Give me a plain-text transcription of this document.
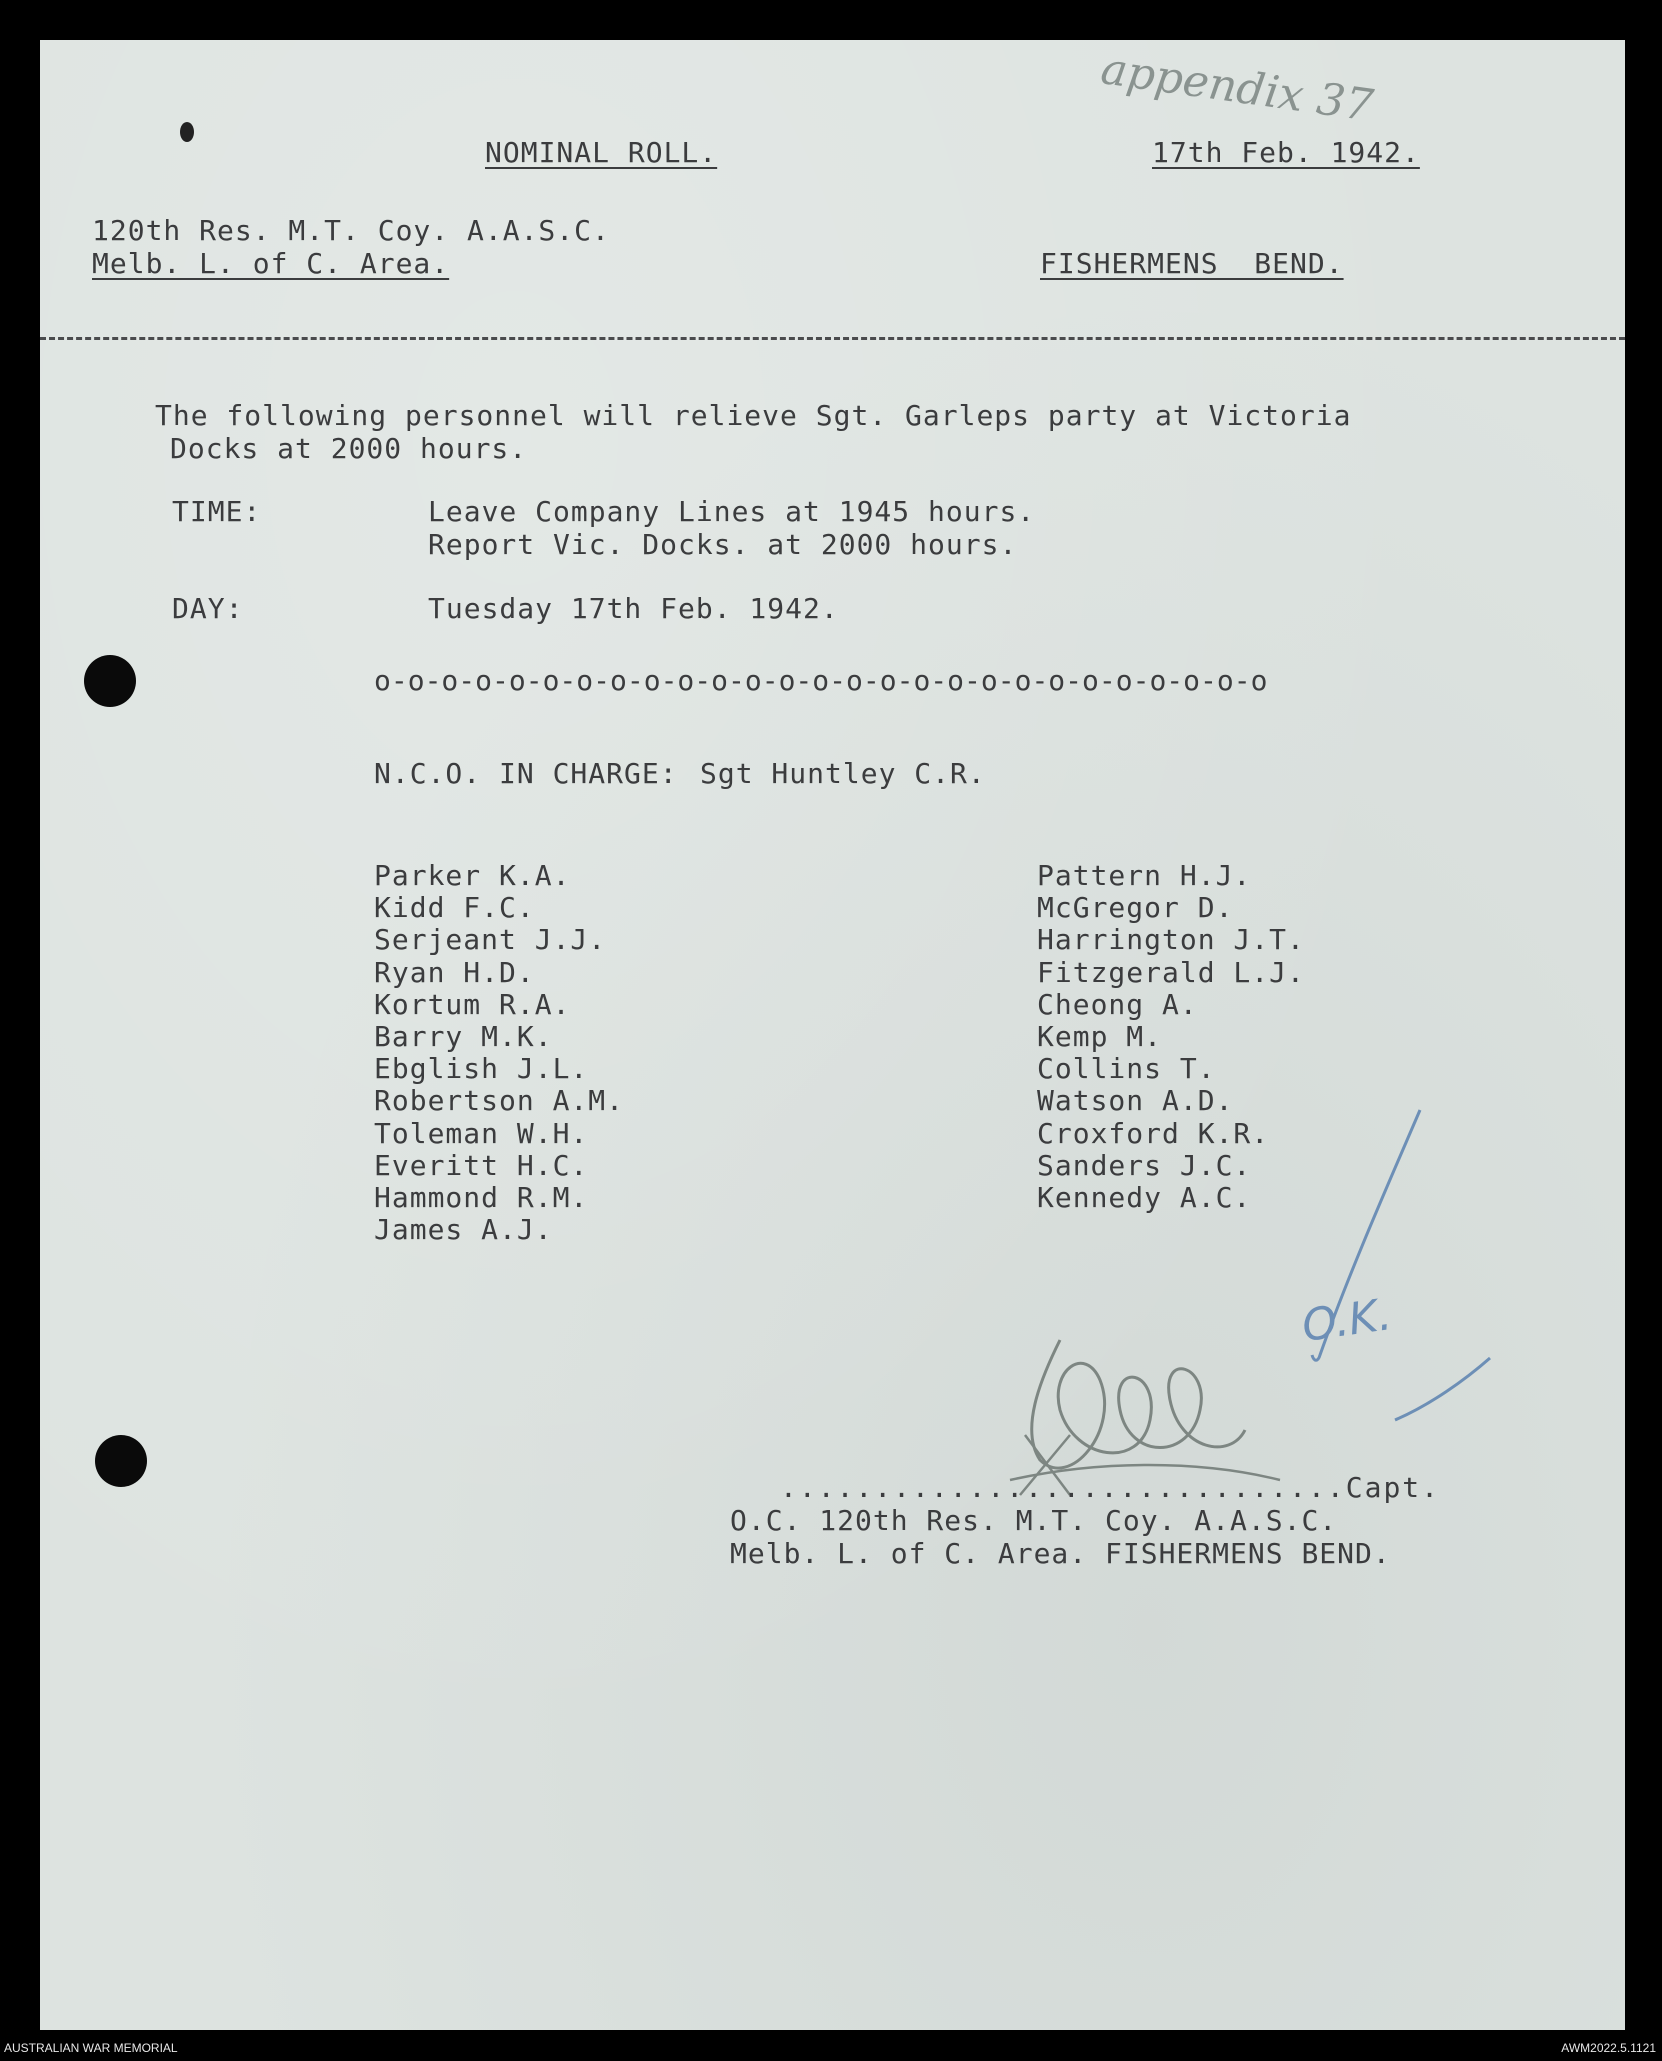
appendix 37
NOMINAL ROLL.	17th Feb. 1942.
120th Res. M.T. Coy. A.A.S.C.
Melb. L. of C. Area.	FISHERMENS  BEND.
The following personnel will relieve Sgt. Garleps party at Victoria
Docks at 2000 hours.
TIME:	Leave Company Lines at 1945 hours.
Report Vic. Docks. at 2000 hours.
DAY:	Tuesday 17th Feb. 1942.
o-o-o-o-o-o-o-o-o-o-o-o-o-o-o-o-o-o-o-o-o-o-o-o-o-o-o
N.C.O. IN CHARGE: Sgt Huntley C.R.
Parker K.A.
Kidd F.C.
Serjeant J.J.
Ryan H.D.
Kortum R.A.
Barry M.K.
Ebglish J.L.
Robertson A.M.
Toleman W.H.
Everitt H.C.
Hammond R.M.
James A.J.
Pattern H.J.
McGregor D.
Harrington J.T.
Fitzgerald L.J.
Cheong A.
Kemp M.
Collins T.
Watson A.D.
Croxford K.R.
Sanders J.C.
Kennedy A.C.
O.K.
..............................Capt.
O.C. 120th Res. M.T. Coy. A.A.S.C.
Melb. L. of C. Area. FISHERMENS BEND.
AUSTRALIAN WAR MEMORIAL	AWM2022.5.1121
